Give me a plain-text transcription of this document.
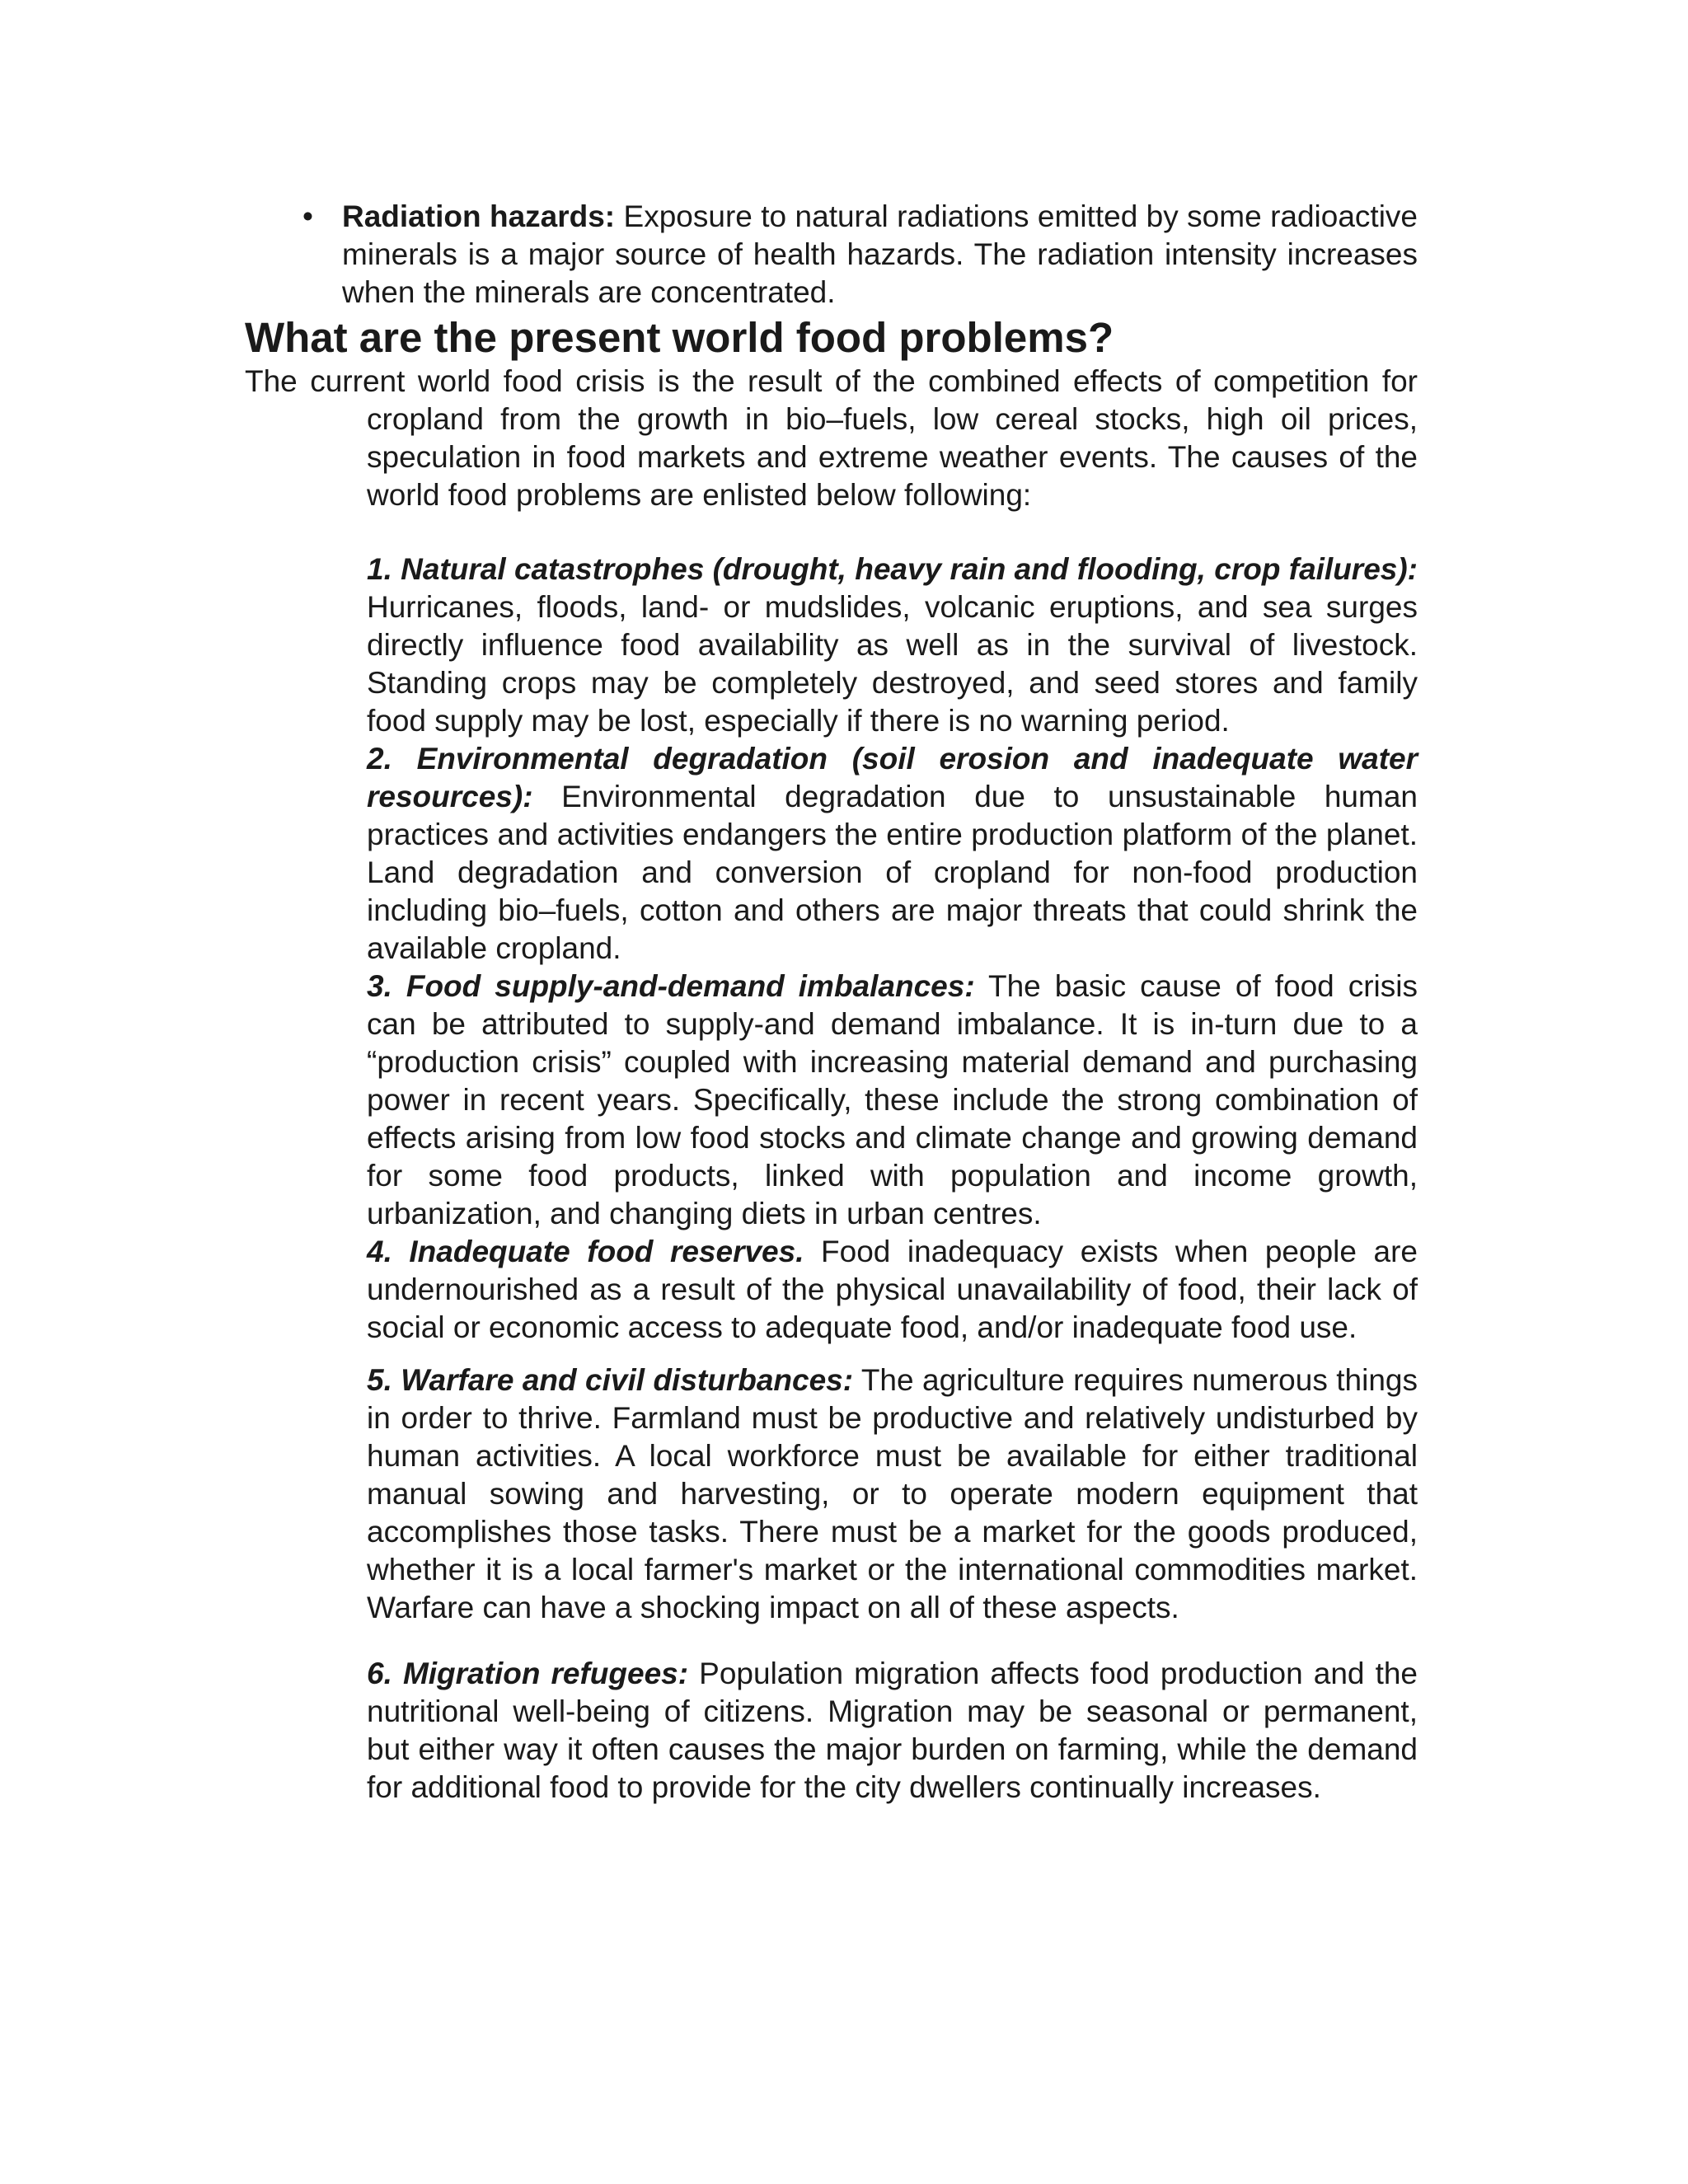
• Radiation hazards: Exposure to natural radiations emitted by some radioactive minerals is a major source of health hazards. The radiation intensity increases when the minerals are concentrated.
What are the present world food problems?

The current world food crisis is the result of the combined effects of competition for cropland from the growth in bio–fuels, low cereal stocks, high oil prices, speculation in food markets and extreme weather events. The causes of the world food problems are enlisted below following:

1. Natural catastrophes (drought, heavy rain and flooding, crop failures): Hurricanes, floods, land- or mudslides, volcanic eruptions, and sea surges directly influence food availability as well as in the survival of livestock. Standing crops may be completely destroyed, and seed stores and family food supply may be lost, especially if there is no warning period.

2. Environmental degradation (soil erosion and inadequate water resources): Environmental degradation due to unsustainable human practices and activities endangers the entire production platform of the planet. Land degradation and conversion of cropland for non-food production including bio–fuels, cotton and others are major threats that could shrink the available cropland.

3. Food supply-and-demand imbalances: The basic cause of food crisis can be attributed to supply-and demand imbalance. It is in-turn due to a “production crisis” coupled with increasing material demand and purchasing power in recent years. Specifically, these include the strong combination of effects arising from low food stocks and climate change and growing demand for some food products, linked with population and income growth, urbanization, and changing diets in urban centres.

4. Inadequate food reserves. Food inadequacy exists when people are undernourished as a result of the physical unavailability of food, their lack of social or economic access to adequate food, and/or inadequate food use.

5. Warfare and civil disturbances: The agriculture requires numerous things in order to thrive. Farmland must be productive and relatively undisturbed by human activities. A local workforce must be available for either traditional manual sowing and harvesting, or to operate modern equipment that accomplishes those tasks. There must be a market for the goods produced, whether it is a local farmer's market or the international commodities market. Warfare can have a shocking impact on all of these aspects.

6. Migration refugees: Population migration affects food production and the nutritional well-being of citizens. Migration may be seasonal or permanent, but either way it often causes the major burden on farming, while the demand for additional food to provide for the city dwellers continually increases.
